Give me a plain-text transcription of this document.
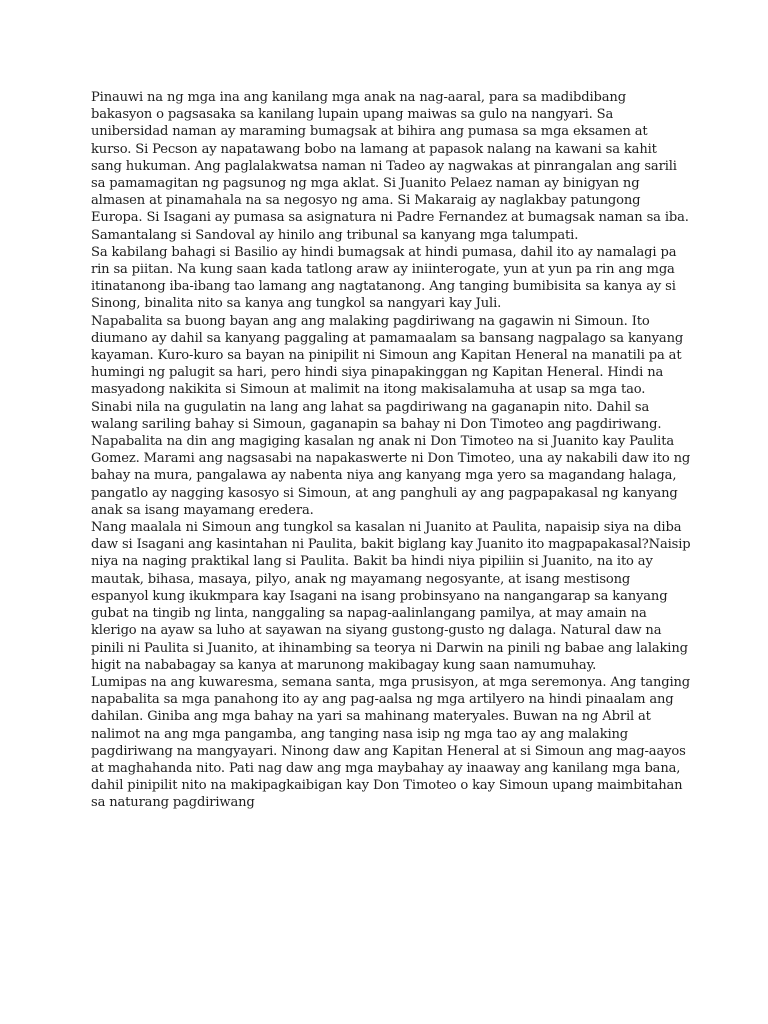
Pinauwi na ng mga ina ang kanilang mga anak na nag-aaral, para sa madibdibang bakasyon o pagsasaka sa kanilang lupain upang maiwas sa gulo na nangyari. Sa unibersidad naman ay maraming bumagsak at bihira ang pumasa sa mga eksamen at kurso. Si Pecson ay napatawang bobo na lamang at papasok nalang na kawani sa kahit sang hukuman. Ang paglalakwatsa naman ni Tadeo ay nagwakas at pinrangalan ang sarili sa pamamagitan ng pagsunog ng mga aklat. Si Juanito Pelaez naman ay binigyan ng almasen at pinamahala na sa negosyo ng ama. Si Makaraig ay naglakbay patungong Europa. Si Isagani ay pumasa sa asignatura ni Padre Fernandez at bumagsak naman sa iba. Samantalang si Sandoval ay hinilo ang tribunal sa kanyang mga talumpati.

Sa kabilang bahagi si Basilio ay hindi bumagsak at hindi pumasa, dahil ito ay namalagi pa rin sa piitan. Na kung saan kada tatlong araw ay iniinterogate, yun at yun pa rin ang mga itinatanong iba-ibang tao lamang ang nagtatanong. Ang tanging bumibisita sa kanya ay si Sinong, binalita nito sa kanya ang tungkol sa nangyari kay Juli.

Napabalita sa buong bayan ang ang malaking pagdiriwang na gagawin ni Simoun. Ito diumano ay dahil sa kanyang paggaling at pamamaalam sa bansang nagpalago sa kanyang kayaman. Kuro-kuro sa bayan na pinipilit ni Simoun ang Kapitan Heneral na manatili pa at humingi ng palugit sa hari, pero hindi siya pinapakinggan ng Kapitan Heneral. Hindi na masyadong nakikita si Simoun at malimit na itong makisalamuha at usap sa mga tao.

Sinabi nila na gugulatin na lang ang lahat sa pagdiriwang na gaganapin nito. Dahil sa walang sariling bahay si Simoun, gaganapin sa bahay ni Don Timoteo ang pagdiriwang. Napabalita na din ang magiging kasalan ng anak ni Don Timoteo na si Juanito kay Paulita Gomez. Marami ang nagsasabi na napakaswerte ni Don Timoteo, una ay nakabili daw ito ng bahay na mura, pangalawa ay nabenta niya ang kanyang mga yero sa magandang halaga, pangatlo ay nagging kasosyo si Simoun, at ang panghuli ay ang pagpapakasal ng kanyang anak sa isang mayamang eredera.

Nang maalala ni Simoun ang tungkol sa kasalan ni Juanito at Paulita, napaisip siya na diba daw si Isagani ang kasintahan ni Paulita, bakit biglang kay Juanito ito magpapakasal?Naisip niya na naging praktikal lang si Paulita. Bakit ba hindi niya pipiliin si Juanito, na ito ay mautak, bihasa, masaya, pilyo, anak ng mayamang negosyante, at isang mestisong espanyol kung ikukmpara kay Isagani na isang probinsyano na nangangarap sa kanyang gubat na tingib ng linta, nanggaling sa napag-aalinlangang pamilya, at may amain na klerigo na ayaw sa luho at sayawan na siyang gustong-gusto ng dalaga. Natural daw na pinili ni Paulita si Juanito, at ihinambing sa teorya ni Darwin na pinili ng babae ang lalaking higit na nababagay sa kanya at marunong makibagay kung saan namumuhay.

Lumipas na ang kuwaresma, semana santa, mga prusisyon, at mga seremonya. Ang tanging napabalita sa mga panahong ito ay ang pag-aalsa ng mga artilyero na hindi pinaalam ang dahilan. Giniba ang mga bahay na yari sa mahinang materyales. Buwan na ng Abril at nalimot na ang mga pangamba, ang tanging nasa isip ng mga tao ay ang malaking pagdiriwang na mangyayari. Ninong daw ang Kapitan Heneral at si Simoun ang mag-aayos at maghahanda nito. Pati nag daw ang mga maybahay ay inaaway ang kanilang mga bana, dahil pinipilit nito na makipagkaibigan kay Don Timoteo o kay Simoun upang maimbitahan sa naturang pagdiriwang
